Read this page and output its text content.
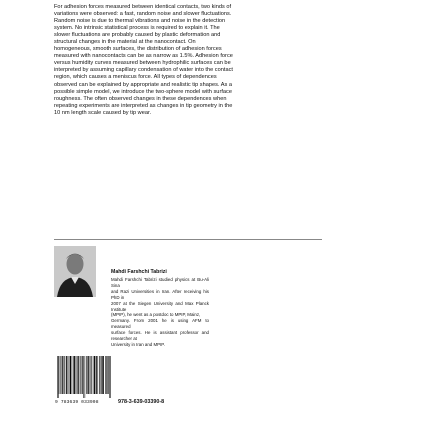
For adhesion forces measured between identical contacts, two kinds of

variations were observed: a fast, random noise and slower fluctuations.

Random noise is due to thermal vibrations and noise in the detection

system. No intrinsic statistical process is required to explain it. The

slower fluctuations are probably caused by plastic deformation and

structural changes in the material at the nanocontact. On

homogeneous, smooth surfaces, the distribution of adhesion forces

measured with nanocontacts can be as narrow as 1.5%. Adhesion force

versus humidity curves measured between hydrophilic surfaces can be

interpreted by assuming capillary condensation of water into the contact

region, which causes a meniscus force. All types of dependences

observed can be explained by appropriate and realistic tip shapes. As a

possible simple model, we introduce the two-sphere model with surface

roughness. The often observed changes in these dependences when

repeating experiments are interpreted as changes in tip geometry in the

10 nm length scale caused by tip wear.

Mahdi Farshchi Tabrizi
Mahdi Farshchi Tabrizi studied physics at Bu-Ali Sina
and Razi Universities in Iran. After receiving his PhD in
2007 at the Siegen University and Max Planck Institute
(MPIP), he went as a postdoc to MPIP, Mainz,
Germany. From 2001 he is using AFM to measured
surface forces. He is assistant professor and researcher at
University in Iran and MPIP.
9 783639 033908	978-3-639-03390-8
